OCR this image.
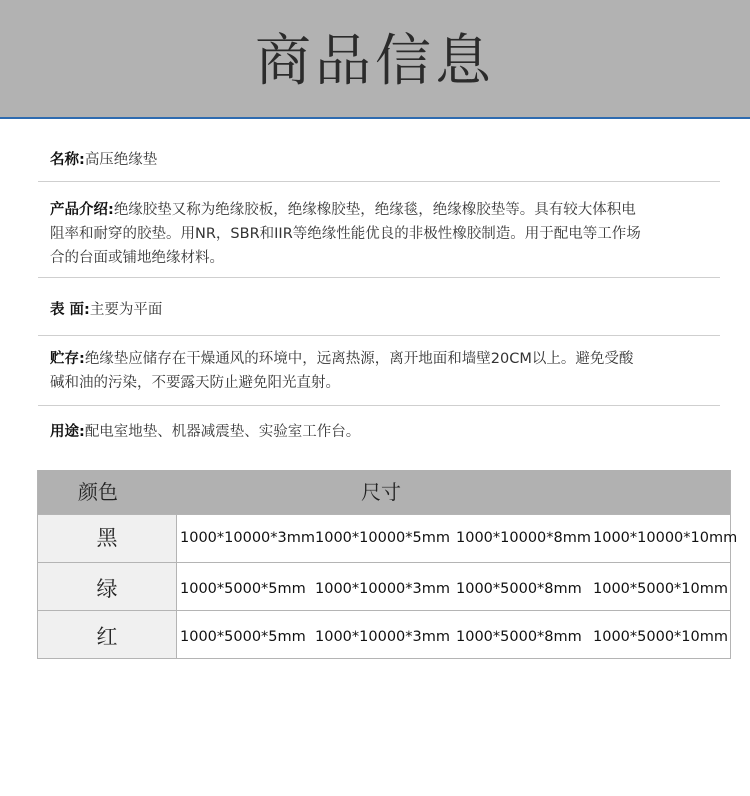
商品信息
名称:高压绝缘垫
产品介绍:绝缘胶垫又称为绝缘胶板，绝缘橡胶垫，绝缘毯，绝缘橡胶垫等。具有较大体积电
阻率和耐穿的胶垫。用NR，SBR和IIR等绝缘性能优良的非极性橡胶制造。用于配电等工作场
合的台面或铺地绝缘材料。
表 面:主要为平面
贮存:绝缘垫应储存在干燥通风的环境中，远离热源，离开地面和墙壁20CM以上。避免受酸
碱和油的污染，不要露天防止避免阳光直射。
用途:配电室地垫、机器减震垫、实验室工作台。
颜色	尺寸
黑	1000*10000*3mm 1000*10000*5mm 1000*10000*8mm 1000*10000*10mm
绿	1000*5000*5mm 1000*10000*3mm 1000*5000*8mm 1000*5000*10mm
红	1000*5000*5mm 1000*10000*3mm 1000*5000*8mm 1000*5000*10mm
